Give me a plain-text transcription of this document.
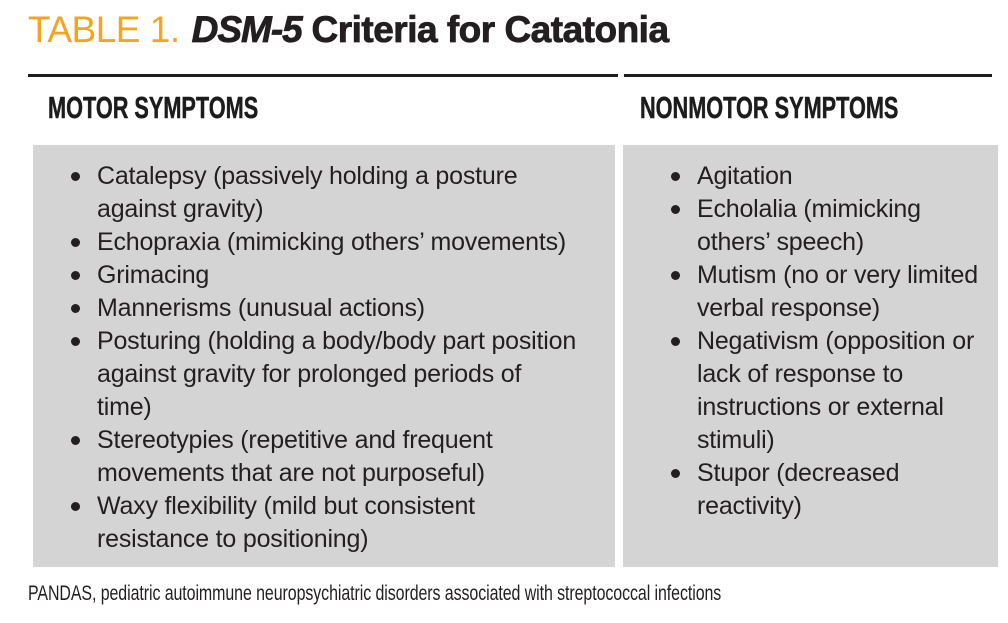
TABLE 1. DSM-5 Criteria for Catatonia
MOTOR SYMPTOMS	NONMOTOR SYMPTOMS
Catalepsy (passively holding a posture against gravity)
Echopraxia (mimicking others’ movements)
Grimacing
Mannerisms (unusual actions)
Posturing (holding a body/body part position against gravity for prolonged periods of time)
Stereotypies (repetitive and frequent movements that are not purposeful)
Waxy flexibility (mild but consistent resistance to positioning)
Agitation
Echolalia (mimicking others’ speech)
Mutism (no or very limited verbal response)
Negativism (opposition or lack of response to instructions or external stimuli)
Stupor (decreased reactivity)
PANDAS, pediatric autoimmune neuropsychiatric disorders associated with streptococcal infections
